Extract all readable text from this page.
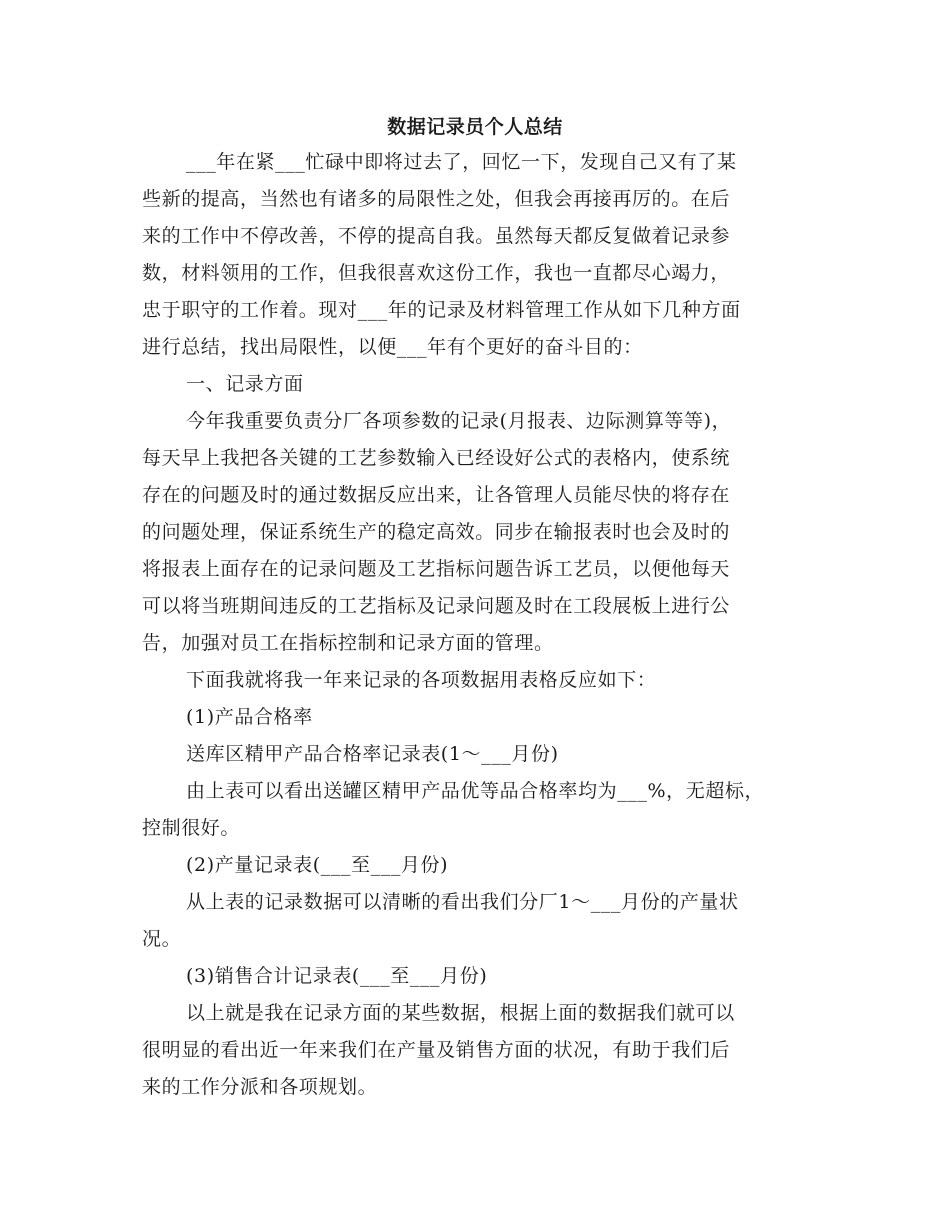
数据记录员个人总结
___年在紧___忙碌中即将过去了，回忆一下，发现自己又有了某
些新的提高，当然也有诸多的局限性之处，但我会再接再厉的。在后
来的工作中不停改善，不停的提高自我。虽然每天都反复做着记录参
数，材料领用的工作，但我很喜欢这份工作，我也一直都尽心竭力，
忠于职守的工作着。现对___年的记录及材料管理工作从如下几种方面
进行总结，找出局限性，以便___年有个更好的奋斗目的：
一、记录方面
今年我重要负责分厂各项参数的记录(月报表、边际测算等等)，
每天早上我把各关键的工艺参数输入已经设好公式的表格内，使系统
存在的问题及时的通过数据反应出来，让各管理人员能尽快的将存在
的问题处理，保证系统生产的稳定高效。同步在输报表时也会及时的
将报表上面存在的记录问题及工艺指标问题告诉工艺员，以便他每天
可以将当班期间违反的工艺指标及记录问题及时在工段展板上进行公
告，加强对员工在指标控制和记录方面的管理。
下面我就将我一年来记录的各项数据用表格反应如下：
(1)产品合格率
送库区精甲产品合格率记录表(1～___月份)
由上表可以看出送罐区精甲产品优等品合格率均为___%，无超标，
控制很好。
(2)产量记录表(___至___月份)
从上表的记录数据可以清晰的看出我们分厂1～___月份的产量状
况。
(3)销售合计记录表(___至___月份)
以上就是我在记录方面的某些数据，根据上面的数据我们就可以
很明显的看出近一年来我们在产量及销售方面的状况，有助于我们后
来的工作分派和各项规划。
